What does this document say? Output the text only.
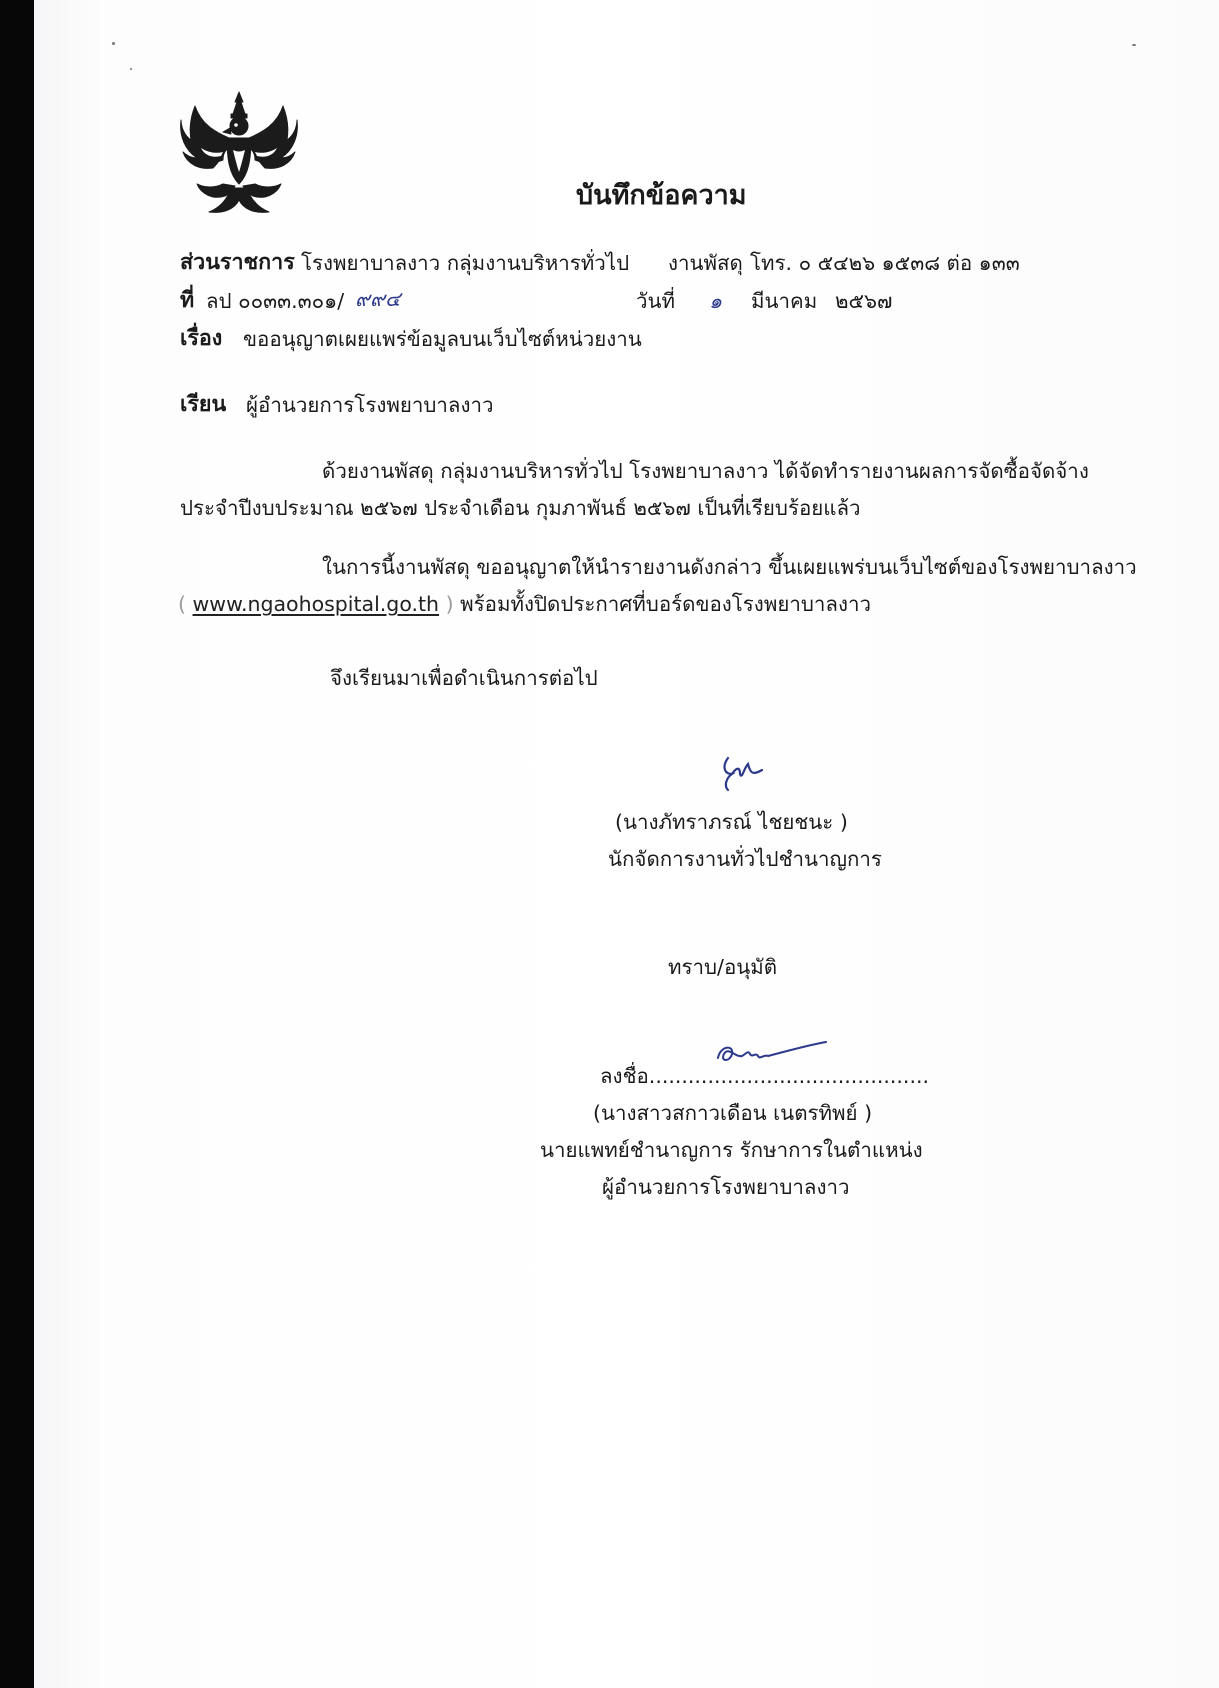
บันทึกข้อความ
ส่วนราชการ โรงพยาบาลงาว กลุ่มงานบริหารทั่วไป งานพัสดุ โทร. ๐ ๕๔๒๖ ๑๕๓๘ ต่อ ๑๓๓
ที่ ลป ๐๐๓๓.๓๐๑/ ๙๙๔	วันที่ ๑ มีนาคม ๒๕๖๗
เรื่อง ขออนุญาตเผยแพร่ข้อมูลบนเว็บไซต์หน่วยงาน
เรียน ผู้อำนวยการโรงพยาบาลงาว
ด้วยงานพัสดุ กลุ่มงานบริหารทั่วไป โรงพยาบาลงาว ได้จัดทำรายงานผลการจัดซื้อจัดจ้าง
ประจำปีงบประมาณ ๒๕๖๗ ประจำเดือน กุมภาพันธ์ ๒๕๖๗ เป็นที่เรียบร้อยแล้ว
ในการนี้งานพัสดุ ขออนุญาตให้นำรายงานดังกล่าว ขึ้นเผยแพร่บนเว็บไซต์ของโรงพยาบาลงาว
( www.ngaohospital.go.th ) พร้อมทั้งปิดประกาศที่บอร์ดของโรงพยาบาลงาว
จึงเรียนมาเพื่อดำเนินการต่อไป
(นางภัทราภรณ์ ไชยชนะ )
นักจัดการงานทั่วไปชำนาญการ
ทราบ/อนุมัติ
ลงชื่อ...........................................
(นางสาวสกาวเดือน เนตรทิพย์ )
นายแพทย์ชำนาญการ รักษาการในตำแหน่ง
ผู้อำนวยการโรงพยาบาลงาว
